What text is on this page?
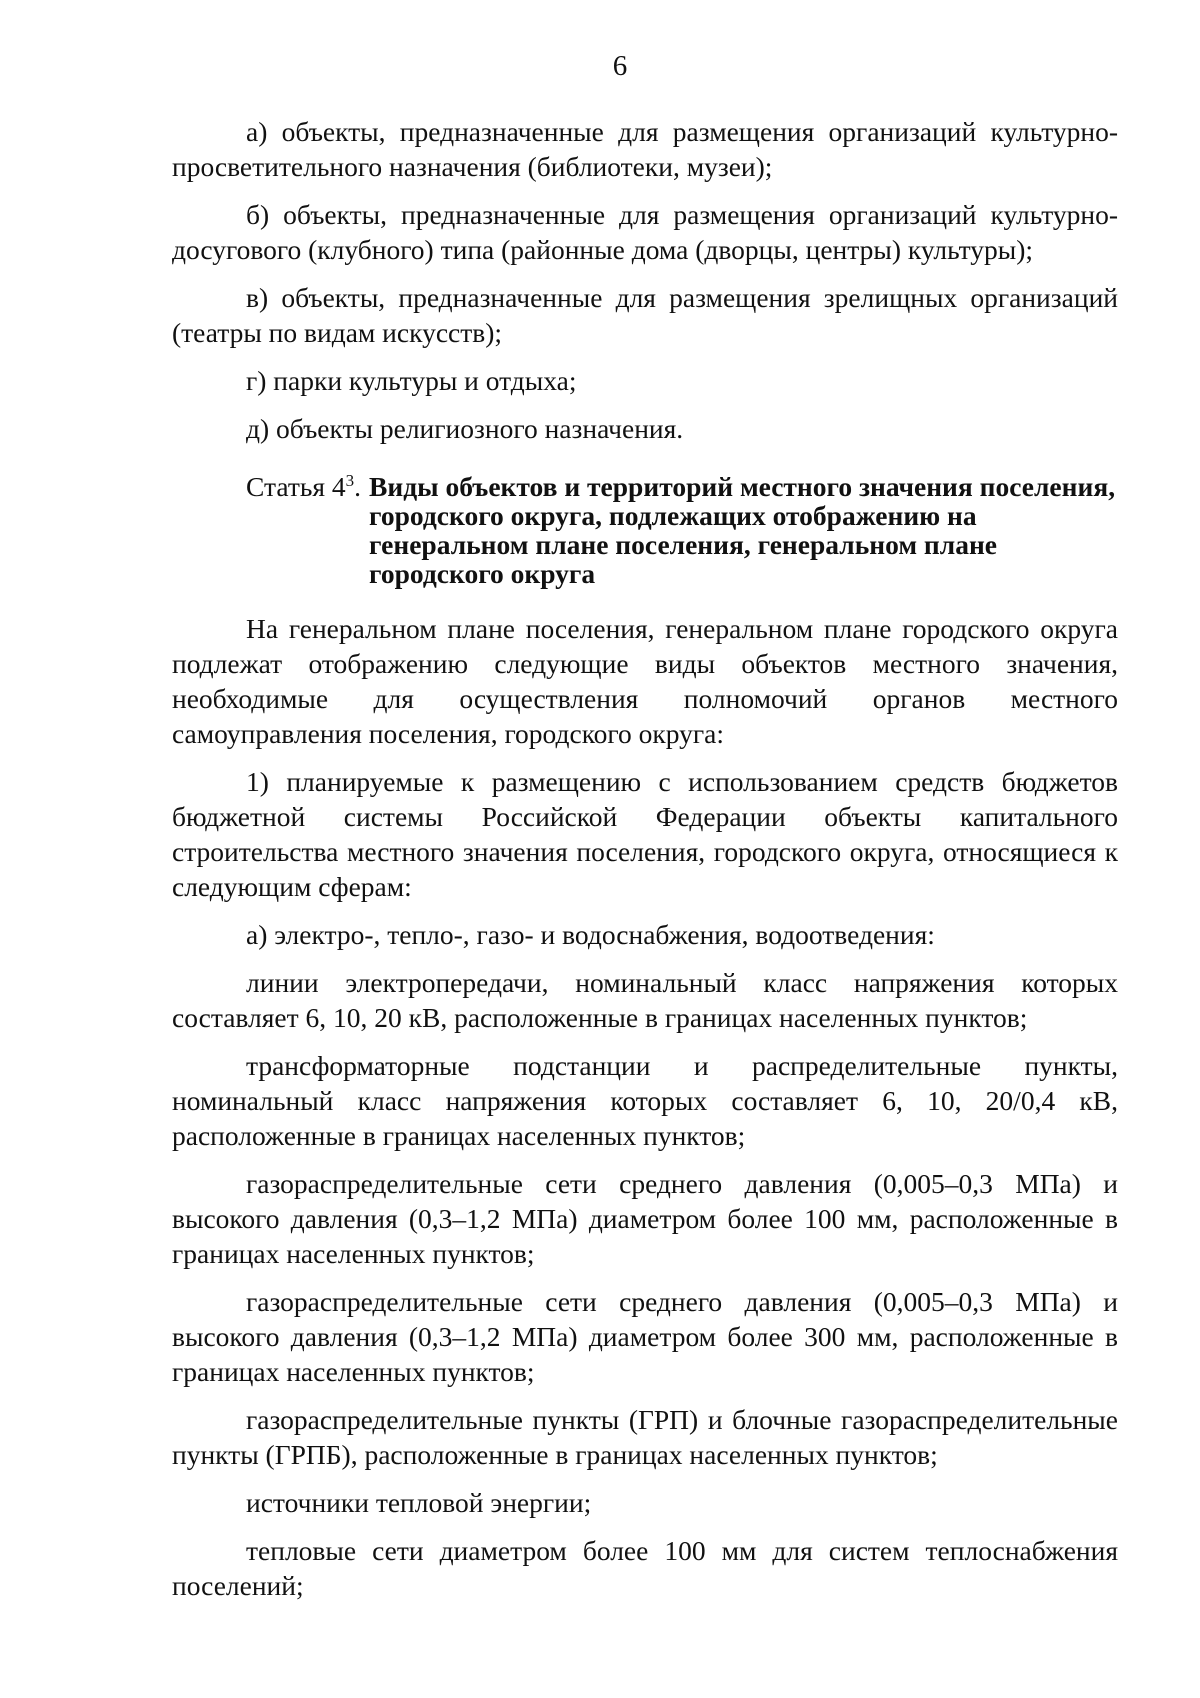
6

а) объекты, предназначенные для размещения организаций культурно-просветительного назначения (библиотеки, музеи);

б) объекты, предназначенные для размещения организаций культурно-досугового (клубного) типа (районные дома (дворцы, центры) культуры);

в) объекты, предназначенные для размещения зрелищных организаций (театры по видам искусств);

г) парки культуры и отдыха;

д) объекты религиозного назначения.

Статья $4^3$. Виды объектов и территорий местного значения поселения, городского округа, подлежащих отображению на генеральном плане поселения, генеральном плане городского округа

На генеральном плане поселения, генеральном плане городского округа подлежат отображению следующие виды объектов местного значения, необходимые для осуществления полномочий органов местного самоуправления поселения, городского округа:

1) планируемые к размещению с использованием средств бюджетов бюджетной системы Российской Федерации объекты капитального строительства местного значения поселения, городского округа, относящиеся к следующим сферам:

а) электро-, тепло-, газо- и водоснабжения, водоотведения:

линии электропередачи, номинальный класс напряжения которых составляет 6, 10, 20 кВ, расположенные в границах населенных пунктов;

трансформаторные подстанции и распределительные пункты, номинальный класс напряжения которых составляет 6, 10, 20/0,4 кВ, расположенные в границах населенных пунктов;

газораспределительные сети среднего давления (0,005–0,3 МПа) и высокого давления (0,3–1,2 МПа) диаметром более 100 мм, расположенные в границах населенных пунктов;

газораспределительные сети среднего давления (0,005–0,3 МПа) и высокого давления (0,3–1,2 МПа) диаметром более 300 мм, расположенные в границах населенных пунктов;

газораспределительные пункты (ГРП) и блочные газораспределительные пункты (ГРПБ), расположенные в границах населенных пунктов;

источники тепловой энергии;

тепловые сети диаметром более 100 мм для систем теплоснабжения поселений;
